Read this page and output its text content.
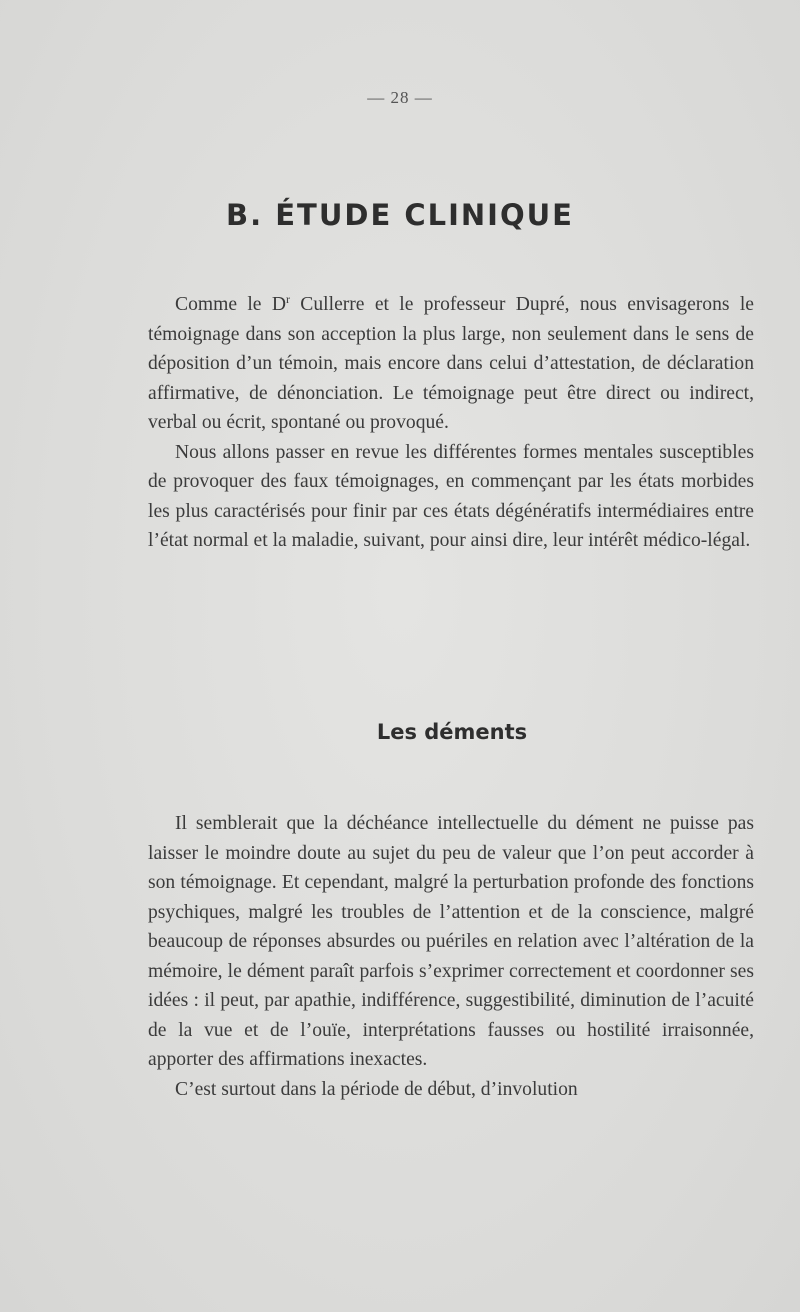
— 28 —
B. ÉTUDE CLINIQUE

Comme le $D^r$ Cullerre et le professeur Dupré, nous envisagerons le témoignage dans son acception la plus large, non seulement dans le sens de déposition d’un témoin, mais encore dans celui d’attestation, de déclaration affirmative, de dénonciation. Le témoignage peut être direct ou indirect, verbal ou écrit, spontané ou provoqué.

Nous allons passer en revue les différentes formes mentales susceptibles de provoquer des faux témoignages, en commençant par les états morbides les plus caractérisés pour finir par ces états dégénératifs intermédiaires entre l’état normal et la maladie, suivant, pour ainsi dire, leur intérêt médico-légal.

Les déments

Il semblerait que la déchéance intellectuelle du dément ne puisse pas laisser le moindre doute au sujet du peu de valeur que l’on peut accorder à son témoignage. Et cependant, malgré la perturbation profonde des fonctions psychiques, malgré les troubles de l’attention et de la conscience, malgré beaucoup de réponses absurdes ou puériles en relation avec l’altération de la mémoire, le dément paraît parfois s’exprimer correctement et coordonner ses idées : il peut, par apathie, indifférence, suggestibilité, diminution de l’acuité de la vue et de l’ouïe, interprétations fausses ou hostilité irraisonnée, apporter des affirmations inexactes.

C’est surtout dans la période de début, d’involution
